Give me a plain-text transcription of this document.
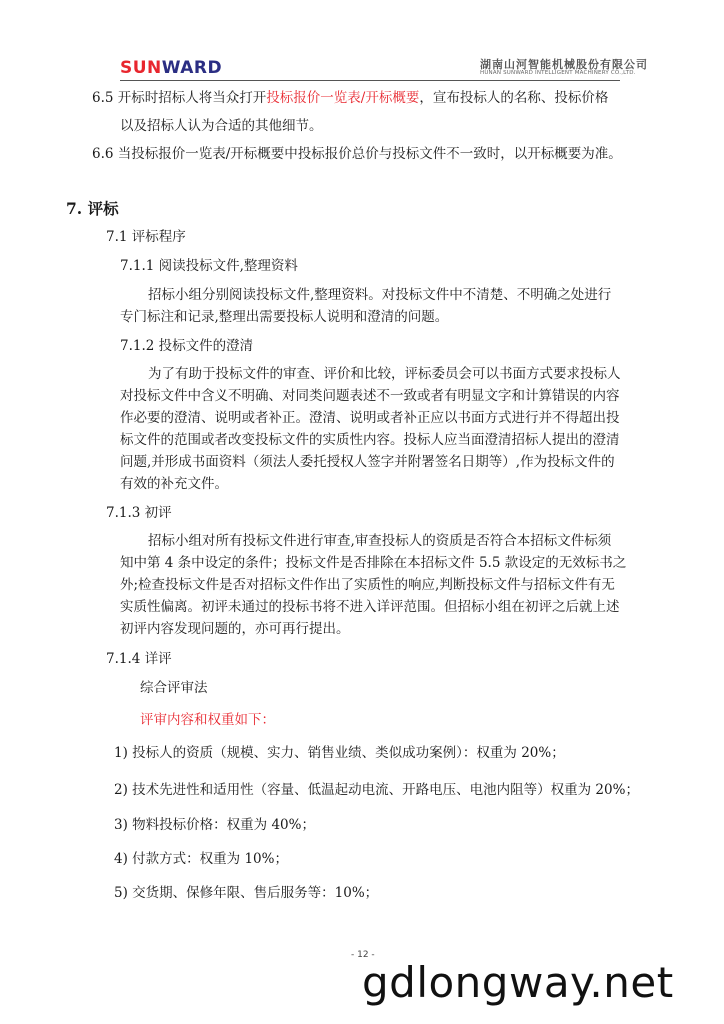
SUNWARD	湖南山河智能机械股份有限公司
HUNAN SUNWARD INTELLIGENT MACHINERY CO.,LTD.
6.5 开标时招标人将当众打开投标报价一览表/开标概要，宣布投标人的名称、投标价格
以及招标人认为合适的其他细节。
6.6 当投标报价一览表/开标概要中投标报价总价与投标文件不一致时，以开标概要为准。
7. 评标
7.1 评标程序
7.1.1 阅读投标文件,整理资料
招标小组分别阅读投标文件,整理资料。对投标文件中不清楚、不明确之处进行
专门标注和记录,整理出需要投标人说明和澄清的问题。
7.1.2 投标文件的澄清
为了有助于投标文件的审查、评价和比较，评标委员会可以书面方式要求投标人
对投标文件中含义不明确、对同类问题表述不一致或者有明显文字和计算错误的内容
作必要的澄清、说明或者补正。澄清、说明或者补正应以书面方式进行并不得超出投
标文件的范围或者改变投标文件的实质性内容。投标人应当面澄清招标人提出的澄清
问题,并形成书面资料（须法人委托授权人签字并附署签名日期等）,作为投标文件的
有效的补充文件。
7.1.3 初评
招标小组对所有投标文件进行审查,审查投标人的资质是否符合本招标文件标须
知中第 4 条中设定的条件；投标文件是否排除在本招标文件 5.5 款设定的无效标书之
外;检查投标文件是否对招标文件作出了实质性的响应,判断投标文件与招标文件有无
实质性偏离。初评未通过的投标书将不进入详评范围。但招标小组在初评之后就上述
初评内容发现问题的，亦可再行提出。
7.1.4 详评
综合评审法
评审内容和权重如下：
1) 投标人的资质（规模、实力、销售业绩、类似成功案例）：权重为 20%；
2) 技术先进性和适用性（容量、低温起动电流、开路电压、电池内阻等）权重为 20%；
3) 物料投标价格：权重为 40%；
4) 付款方式：权重为 10%；
5) 交货期、保修年限、售后服务等：10%；
- 12 -
gdlongway.net
